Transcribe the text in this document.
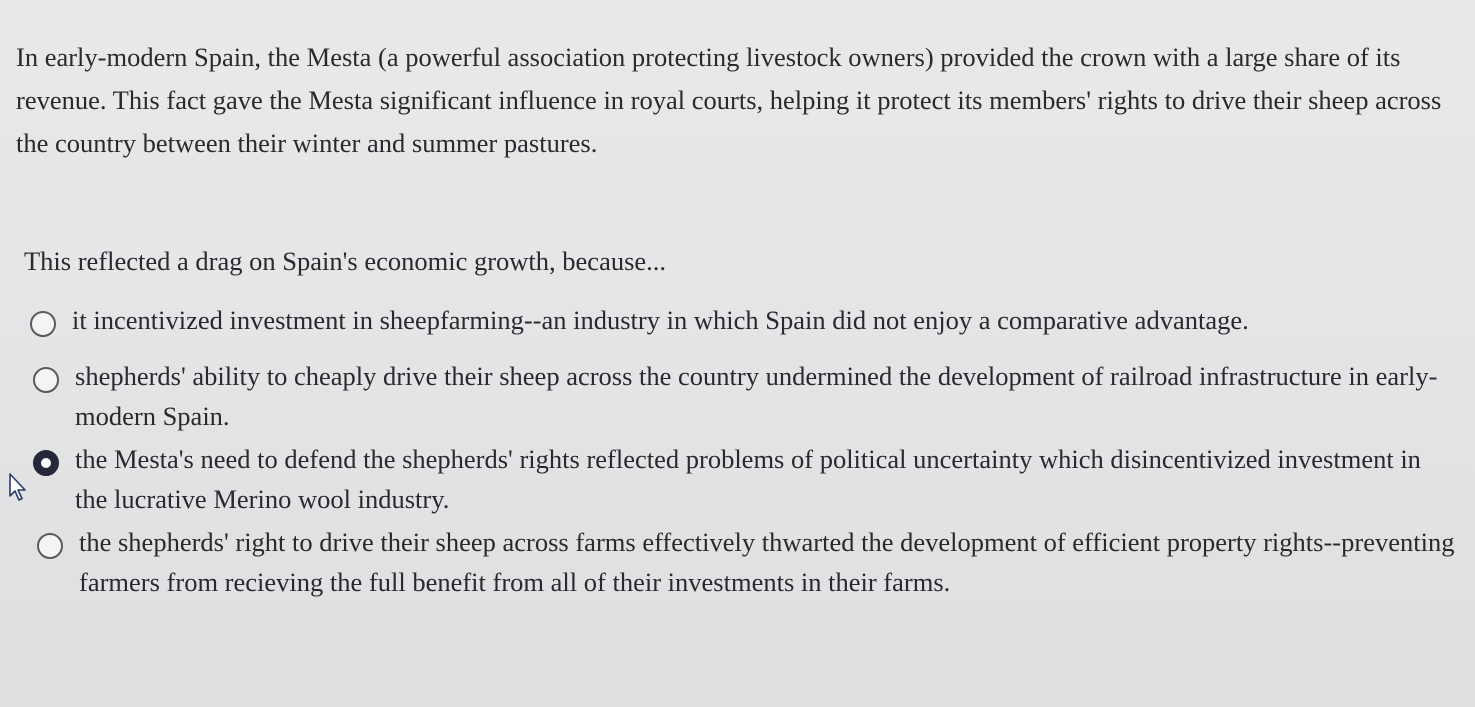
In early-modern Spain, the Mesta (a powerful association protecting livestock owners) provided the crown with a large share of its revenue. This fact gave the Mesta significant influence in royal courts, helping it protect its members' rights to drive their sheep across the country between their winter and summer pastures.

This reflected a drag on Spain's economic growth, because...

it incentivized investment in sheepfarming--an industry in which Spain did not enjoy a comparative advantage.
shepherds' ability to cheaply drive their sheep across the country undermined the development of railroad infrastructure in early-modern Spain.
the Mesta's need to defend the shepherds' rights reflected problems of political uncertainty which disincentivized investment in the lucrative Merino wool industry.
the shepherds' right to drive their sheep across farms effectively thwarted the development of efficient property rights--preventing farmers from recieving the full benefit from all of their investments in their farms.
